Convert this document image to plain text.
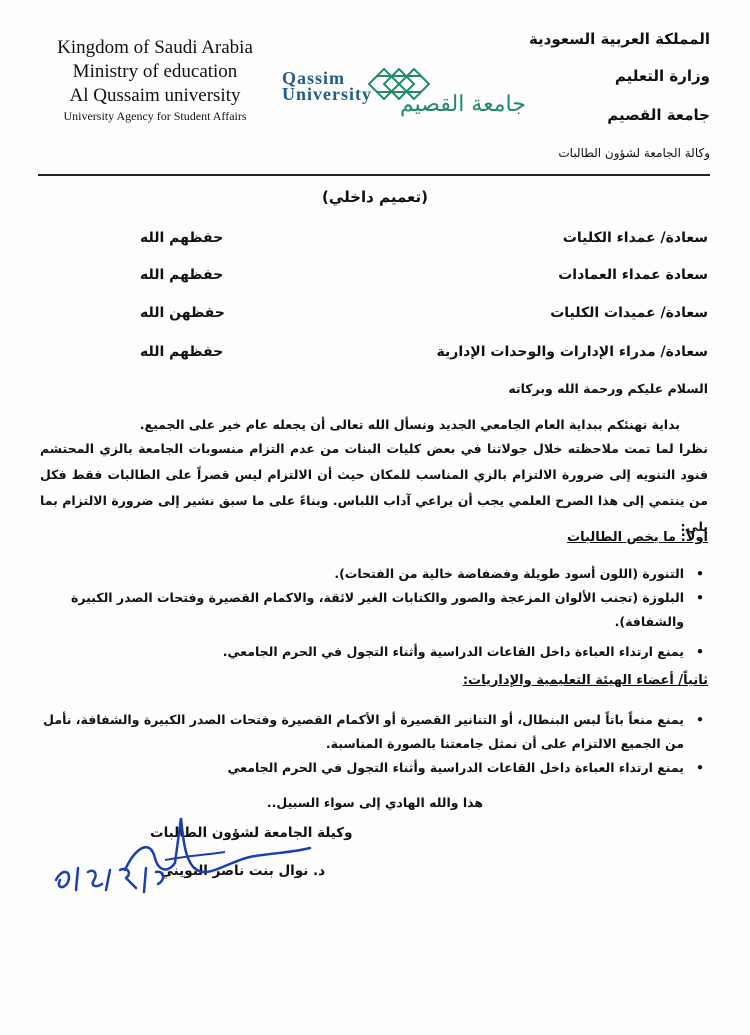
Kingdom of Saudi Arabia
Ministry of education
Al Qussaim university
University Agency for Student Affairs
Qassim
University جامعة القصيم
المملكة العربية السعودية
وزارة التعليم
جامعة القصيم
وكالة الجامعة لشؤون الطالبات
(تعميم داخلي)
سعادة/ عمداء الكليات
حفظهم الله
سعادة عمداء العمادات
حفظهم الله
سعادة/ عميدات الكليات
حفظهن الله
سعادة/ مدراء الإدارات والوحدات الإدارية
حفظهم الله
السلام عليكم ورحمة الله وبركاته
بداية نهنئكم ببداية العام الجامعي الجديد ونسأل الله تعالى أن يجعله عام خير على الجميع.
نظرا لما تمت ملاحظته خلال جولاتنا في بعض كليات البنات من عدم التزام منسوبات الجامعة بالزي المحتشم فنود التنويه إلى ضرورة الالتزام بالزي المناسب للمكان حيث أن الالتزام ليس قصراً على الطالبات فقط فكل من ينتمي إلى هذا الصرح العلمي يجب أن يراعي آداب اللباس. وبناءً على ما سبق نشير إلى ضرورة الالتزام بما يلي:
أولاً: ما يخص الطالبات
•
التنورة (اللون أسود طويلة وفضفاضة خالية من الفتحات).
•
البلوزة (تجنب الألوان المزعجة والصور والكتابات الغير لائقة، والاكمام القصيرة وفتحات الصدر الكبيرة والشفافة).
•
يمنع ارتداء العباءة داخل القاعات الدراسية وأثناء التجول في الحرم الجامعي.
ثانياً/ أعضاء الهيئة التعليمية والإداريات:
•
يمنع منعاً باتاً لبس البنطال، أو التنانير القصيرة أو الأكمام القصيرة وفتحات الصدر الكبيرة والشفافة، نأمل من الجميع الالتزام على أن نمثل جامعتنا بالصورة المناسبة.
•
يمنع ارتداء العباءة داخل القاعات الدراسية وأثناء التجول في الحرم الجامعي
هذا والله الهادي إلى سواء السبيل..
وكيلة الجامعة لشؤون الطالبات
د. نوال بنت ناصر الثويني
